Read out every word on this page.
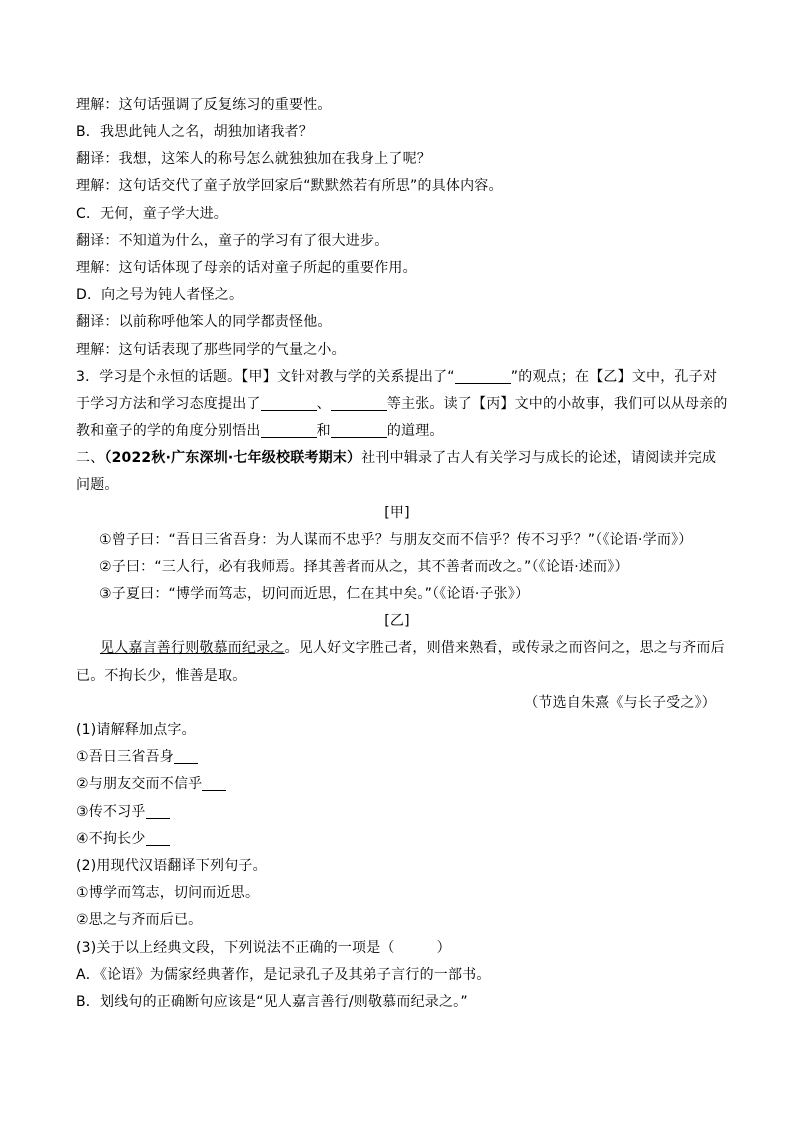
理解：这句话强调了反复练习的重要性。
B．我思此钝人之名，胡独加诸我者？
翻译：我想，这笨人的称号怎么就独独加在我身上了呢？
理解：这句话交代了童子放学回家后“默默然若有所思”的具体内容。
C．无何，童子学大进。
翻译：不知道为什么，童子的学习有了很大进步。
理解：这句话体现了母亲的话对童子所起的重要作用。
D．向之号为钝人者怪之。
翻译：以前称呼他笨人的同学都责怪他。
理解：这句话表现了那些同学的气量之小。
3．学习是个永恒的话题。【甲】文针对教与学的关系提出了“	”的观点；在【乙】文中，孔子对
于学习方法和学习态度提出了	、	等主张。读了【丙】文中的小故事，我们可以从母亲的
教和童子的学的角度分别悟出	和	的道理。
二、（2022秋·广东深圳·七年级校联考期末）社刊中辑录了古人有关学习与成长的论述，请阅读并完成
问题。
[甲]
①曾子曰：“吾日三省吾身：为人谋而不忠乎？与朋友交而不信乎？传不习乎？”（《论语·学而》）
②子曰：“三人行，必有我师焉。择其善者而从之，其不善者而改之。”（《论语·述而》）
③子夏曰：“博学而笃志，切问而近思，仁在其中矣。”（《论语·子张》）
[乙]
见人嘉言善行则敬慕而纪录之。见人好文字胜己者，则借来熟看，或传录之而咨问之，思之与齐而后
已。不拘长少，惟善是取。
（节选自朱熹《与长子受之》）
(1)请解释加点字。
①吾日三省吾身
②与朋友交而不信乎
③传不习乎
④不拘长少
(2)用现代汉语翻译下列句子。
①博学而笃志，切问而近思。
②思之与齐而后已。
(3)关于以上经典文段，下列说法不正确的一项是（	）
A．《论语》为儒家经典著作，是记录孔子及其弟子言行的一部书。
B．划线句的正确断句应该是“见人嘉言善行/则敬慕而纪录之。”
